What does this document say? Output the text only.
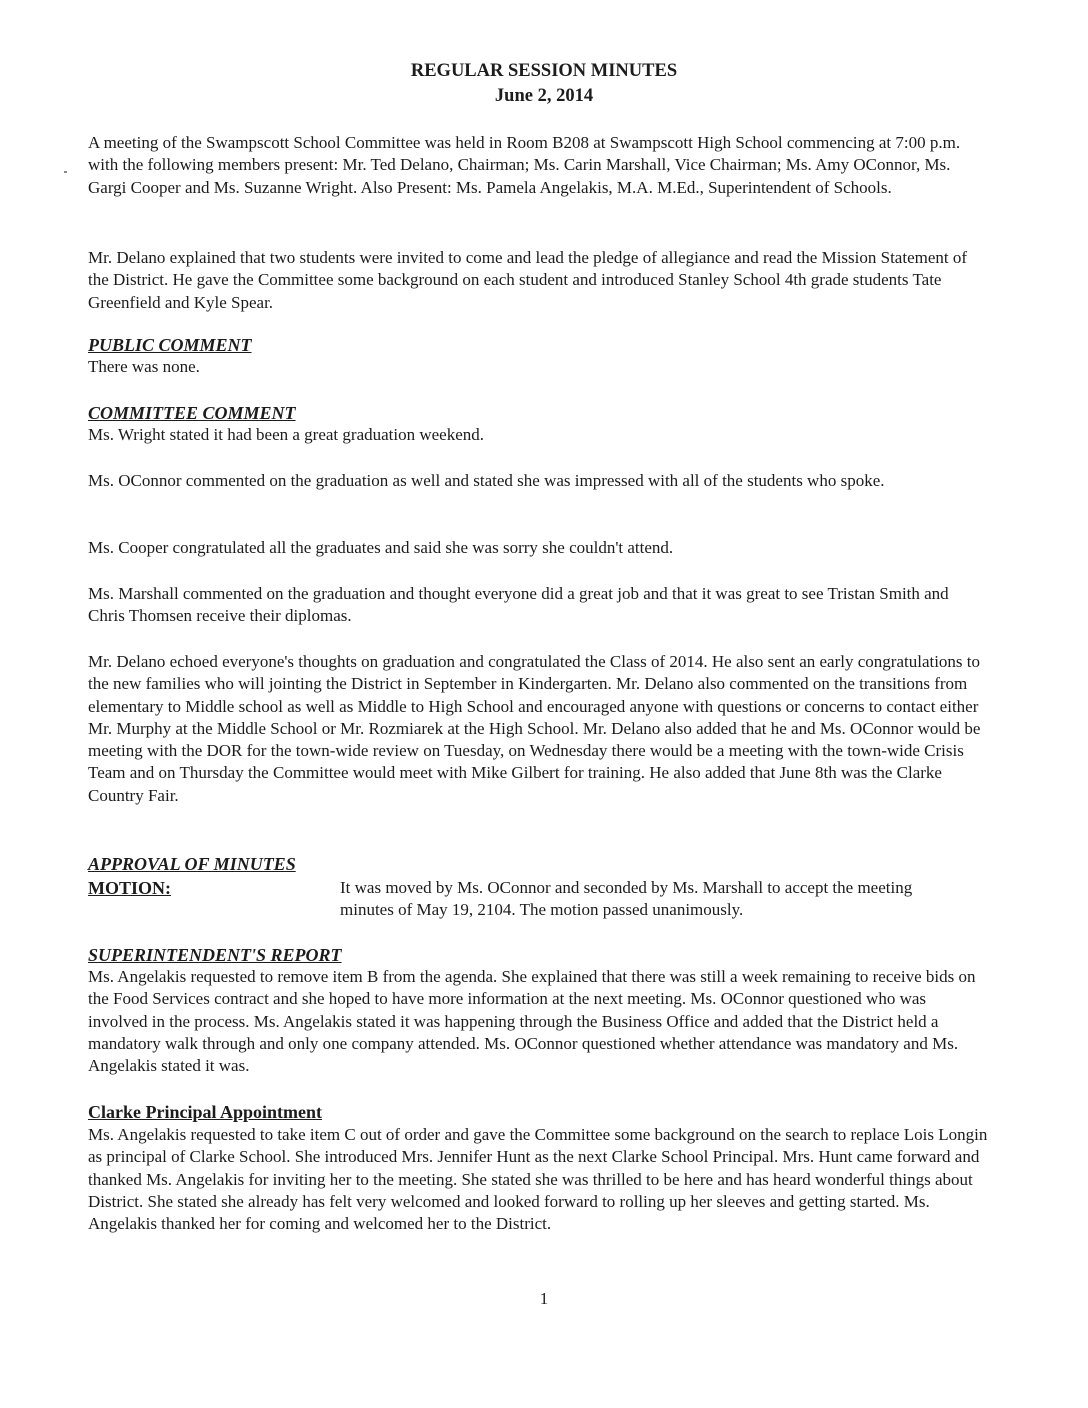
REGULAR SESSION MINUTES
June 2, 2014

A meeting of the Swampscott School Committee was held in Room B208 at Swampscott High School commencing at 7:00 p.m. with the following members present: Mr. Ted Delano, Chairman; Ms. Carin Marshall, Vice Chairman; Ms. Amy OConnor, Ms. Gargi Cooper and Ms. Suzanne Wright. Also Present: Ms. Pamela Angelakis, M.A. M.Ed., Superintendent of Schools.

Mr. Delano explained that two students were invited to come and lead the pledge of allegiance and read the Mission Statement of the District. He gave the Committee some background on each student and introduced Stanley School 4th grade students Tate Greenfield and Kyle Spear.

PUBLIC COMMENT

There was none.

COMMITTEE COMMENT

Ms. Wright stated it had been a great graduation weekend.

Ms. OConnor commented on the graduation as well and stated she was impressed with all of the students who spoke.

Ms. Cooper congratulated all the graduates and said she was sorry she couldn't attend.

Ms. Marshall commented on the graduation and thought everyone did a great job and that it was great to see Tristan Smith and Chris Thomsen receive their diplomas.

Mr. Delano echoed everyone's thoughts on graduation and congratulated the Class of 2014. He also sent an early congratulations to the new families who will jointing the District in September in Kindergarten. Mr. Delano also commented on the transitions from elementary to Middle school as well as Middle to High School and encouraged anyone with questions or concerns to contact either Mr. Murphy at the Middle School or Mr. Rozmiarek at the High School. Mr. Delano also added that he and Ms. OConnor would be meeting with the DOR for the town-wide review on Tuesday, on Wednesday there would be a meeting with the town-wide Crisis Team and on Thursday the Committee would meet with Mike Gilbert for training. He also added that June 8th was the Clarke Country Fair.

APPROVAL OF MINUTES
MOTION:	It was moved by Ms. OConnor and seconded by Ms. Marshall to accept the meeting minutes of May 19, 2104. The motion passed unanimously.

SUPERINTENDENT'S REPORT

Ms. Angelakis requested to remove item B from the agenda. She explained that there was still a week remaining to receive bids on the Food Services contract and she hoped to have more information at the next meeting. Ms. OConnor questioned who was involved in the process. Ms. Angelakis stated it was happening through the Business Office and added that the District held a mandatory walk through and only one company attended. Ms. OConnor questioned whether attendance was mandatory and Ms. Angelakis stated it was.

Clarke Principal Appointment

Ms. Angelakis requested to take item C out of order and gave the Committee some background on the search to replace Lois Longin as principal of Clarke School. She introduced Mrs. Jennifer Hunt as the next Clarke School Principal. Mrs. Hunt came forward and thanked Ms. Angelakis for inviting her to the meeting. She stated she was thrilled to be here and has heard wonderful things about District. She stated she already has felt very welcomed and looked forward to rolling up her sleeves and getting started. Ms. Angelakis thanked her for coming and welcomed her to the District.

1
